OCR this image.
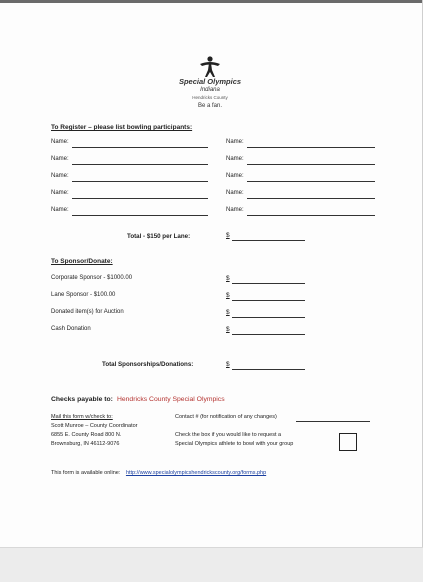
Special Olympics
Indiana
Hendricks County
Be a fan.
To Register – please list bowling participants:
Name:	Name:
Name:	Name:
Name:	Name:
Name:	Name:
Name:	Name:
Total - $150 per Lane:	$
To Sponsor/Donate:
Corporate Sponsor - $1000.00	$
Lane Sponsor - $100.00	$
Donated item(s) for Auction	$
Cash Donation	$
Total Sponsorships/Donations:	$
Checks payable to: Hendricks County Special Olympics
Mail this form w/check to:
Scott Munroe – County Coordinator
6855 E. County Road 800 N.
Brownsburg, IN 46112-9076
Contact # (for notification of any changes)
Check the box if you would like to request a
Special Olympics athlete to bowl with your group
This form is available online: http://www.specialolympicshendrickscounty.org/forms.php
